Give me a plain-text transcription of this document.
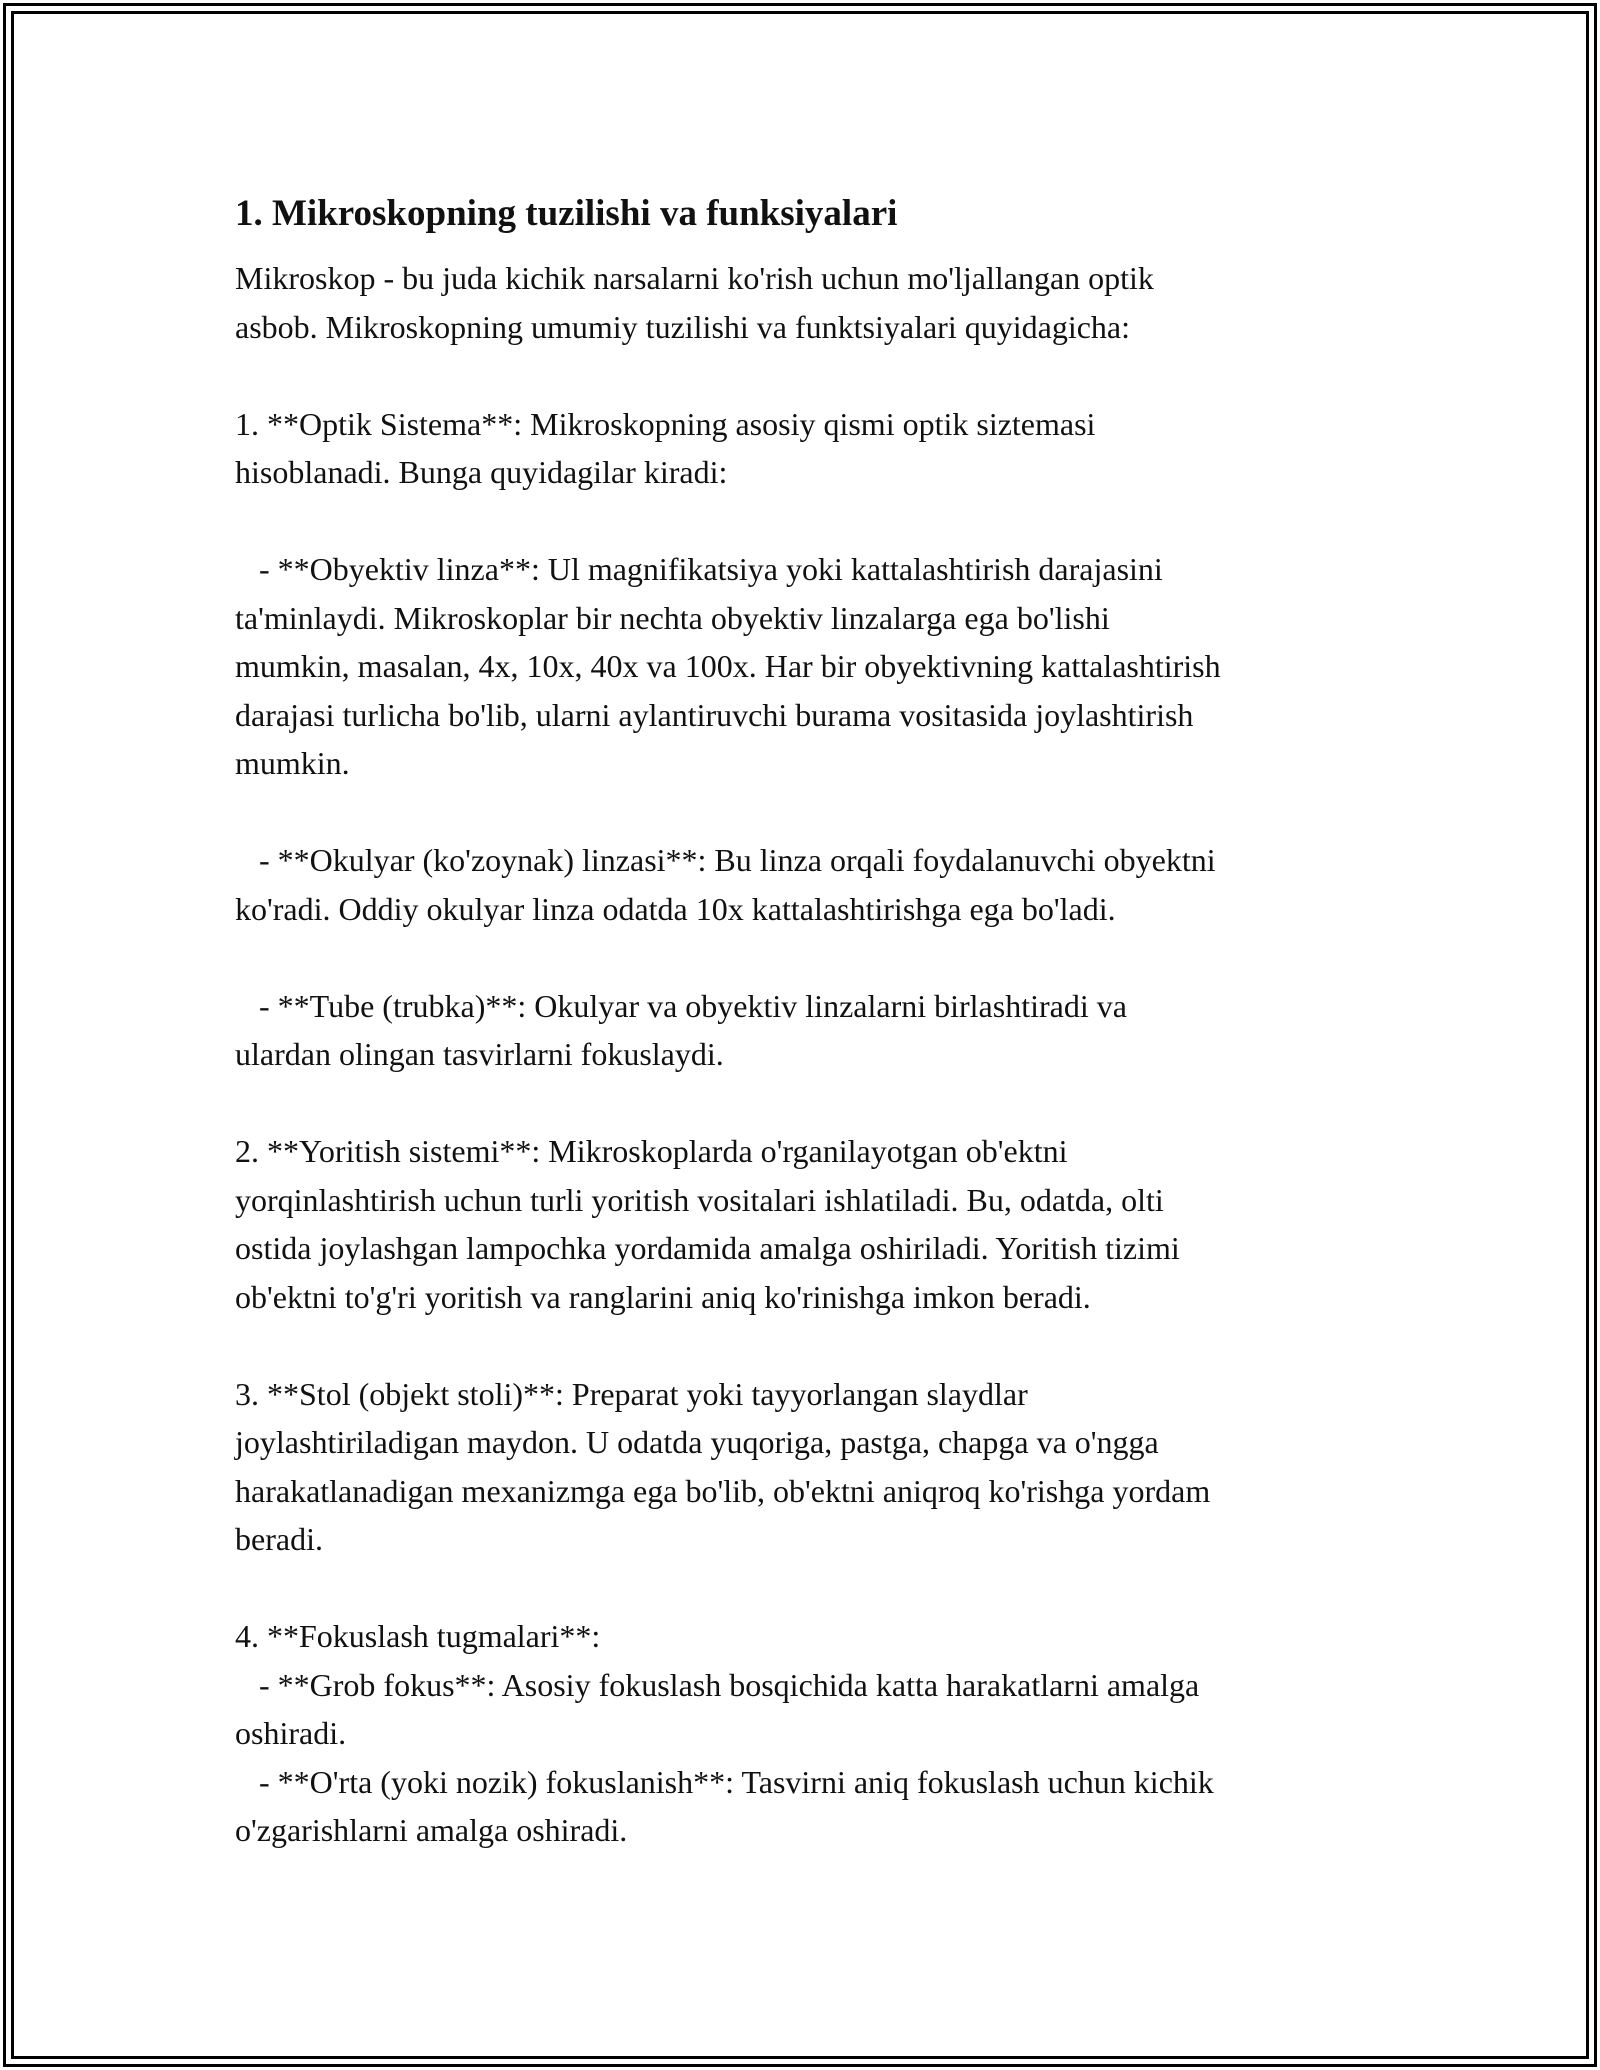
1. Mikroskopning tuzilishi va funksiyalari
Mikroskop - bu juda kichik narsalarni ko'rish uchun mo'ljallangan optik
asbob. Mikroskopning umumiy tuzilishi va funktsiyalari quyidagicha:

1. **Optik Sistema**: Mikroskopning asosiy qismi optik siztemasi
hisoblanadi. Bunga quyidagilar kiradi:

- **Obyektiv linza**: Ul magnifikatsiya yoki kattalashtirish darajasini
ta'minlaydi. Mikroskoplar bir nechta obyektiv linzalarga ega bo'lishi
mumkin, masalan, 4x, 10x, 40x va 100x. Har bir obyektivning kattalashtirish
darajasi turlicha bo'lib, ularni aylantiruvchi burama vositasida joylashtirish
mumkin.

- **Okulyar (ko'zoynak) linzasi**: Bu linza orqali foydalanuvchi obyektni
ko'radi. Oddiy okulyar linza odatda 10x kattalashtirishga ega bo'ladi.

- **Tube (trubka)**: Okulyar va obyektiv linzalarni birlashtiradi va
ulardan olingan tasvirlarni fokuslaydi.

2. **Yoritish sistemi**: Mikroskoplarda o'rganilayotgan ob'ektni
yorqinlashtirish uchun turli yoritish vositalari ishlatiladi. Bu, odatda, olti
ostida joylashgan lampochka yordamida amalga oshiriladi. Yoritish tizimi
ob'ektni to'g'ri yoritish va ranglarini aniq ko'rinishga imkon beradi.

3. **Stol (objekt stoli)**: Preparat yoki tayyorlangan slaydlar
joylashtiriladigan maydon. U odatda yuqoriga, pastga, chapga va o'ngga
harakatlanadigan mexanizmga ega bo'lib, ob'ektni aniqroq ko'rishga yordam
beradi.

4. **Fokuslash tugmalari**:
- **Grob fokus**: Asosiy fokuslash bosqichida katta harakatlarni amalga
oshiradi.
- **O'rta (yoki nozik) fokuslanish**: Tasvirni aniq fokuslash uchun kichik
o'zgarishlarni amalga oshiradi.
